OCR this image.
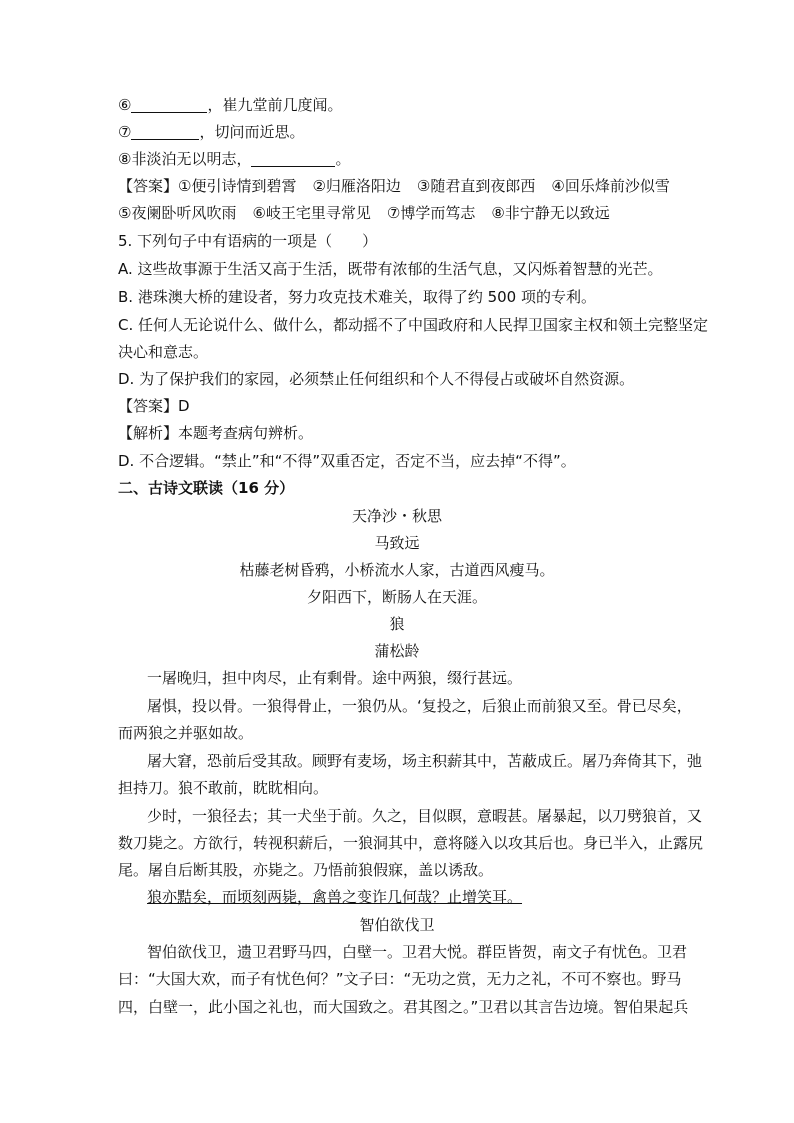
⑥	，崔九堂前几度闻。
⑦	，切问而近思。
⑧非淡泊无以明志，	。
【答案】①便引诗情到碧霄 ②归雁洛阳边 ③随君直到夜郎西 ④回乐烽前沙似雪
⑤夜阑卧听风吹雨 ⑥岐王宅里寻常见 ⑦博学而笃志 ⑧非宁静无以致远
5. 下列句子中有语病的一项是（　　）
A. 这些故事源于生活又高于生活，既带有浓郁的生活气息，又闪烁着智慧的光芒。
B. 港珠澳大桥的建设者，努力攻克技术难关，取得了约 500 项的专利。
C. 任何人无论说什么、做什么，都动摇不了中国政府和人民捍卫国家主权和领土完整坚定
决心和意志。
D. 为了保护我们的家园，必须禁止任何组织和个人不得侵占或破坏自然资源。
【答案】D
【解析】本题考查病句辨析。
D. 不合逻辑。“禁止”和“不得”双重否定，否定不当，应去掉“不得”。
二、古诗文联读（16 分）
天净沙・秋思
马致远
枯藤老树昏鸦，小桥流水人家，古道西风瘦马。
夕阳西下，断肠人在天涯。
狼
蒲松龄
一屠晚归，担中肉尽，止有剩骨。途中两狼，缀行甚远。
屠惧，投以骨。一狼得骨止，一狼仍从。‘复投之，后狼止而前狼又至。骨已尽矣，
而两狼之并驱如故。
屠大窘，恐前后受其敌。顾野有麦场，场主积薪其中，苫蔽成丘。屠乃奔倚其下，弛
担持刀。狼不敢前，眈眈相向。
少时，一狼径去；其一犬坐于前。久之，目似瞑，意暇甚。屠暴起，以刀劈狼首，又
数刀毙之。方欲行，转视积薪后，一狼洞其中，意将隧入以攻其后也。身已半入，止露尻
尾。屠自后断其股，亦毙之。乃悟前狼假寐，盖以诱敌。
狼亦黠矣，而顷刻两毙，禽兽之变诈几何哉？止增笑耳。
智伯欲伐卫
智伯欲伐卫，遗卫君野马四，白壁一。卫君大悦。群臣皆贺，南文子有忧色。卫君
曰：“大国大欢，而子有忧色何？”文子曰：“无功之赏，无力之礼，不可不察也。野马
四，白壁一，此小国之礼也，而大国致之。君其图之。”卫君以其言告边境。智伯果起兵
